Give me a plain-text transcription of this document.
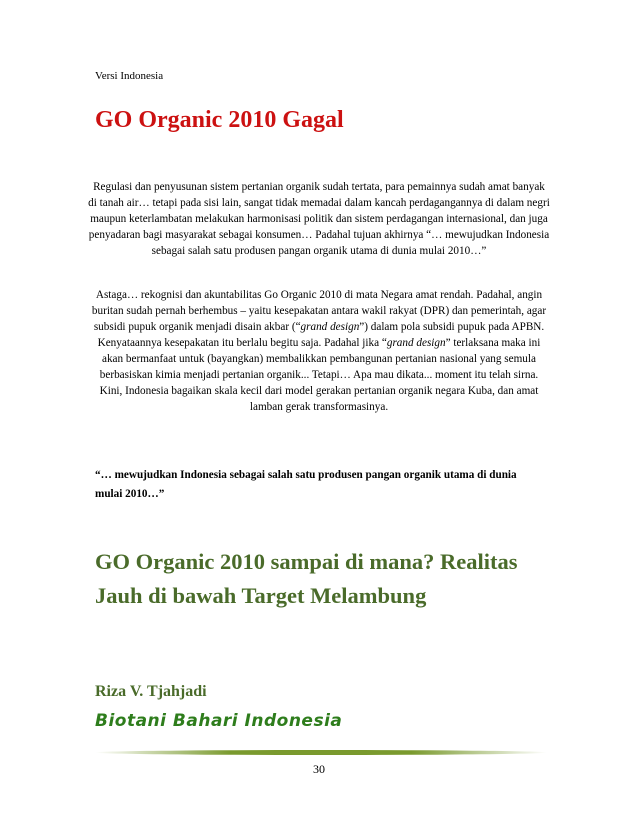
Versi Indonesia
GO Organic 2010 Gagal

Regulasi dan penyusunan sistem pertanian organik sudah tertata, para pemainnya sudah amat banyak di tanah air… tetapi pada sisi lain, sangat tidak memadai dalam kancah perdagangannya di dalam negri maupun keterlambatan melakukan harmonisasi politik dan sistem perdagangan internasional, dan juga penyadaran bagi masyarakat sebagai konsumen… Padahal tujuan akhirnya “… mewujudkan Indonesia sebagai salah satu produsen pangan organik utama di dunia mulai 2010…”

Astaga… rekognisi dan akuntabilitas Go Organic 2010 di mata Negara amat rendah. Padahal, angin buritan sudah pernah berhembus – yaitu kesepakatan antara wakil rakyat (DPR) dan pemerintah, agar subsidi pupuk organik menjadi disain akbar (“grand design”) dalam pola subsidi pupuk pada APBN. Kenyataannya kesepakatan itu berlalu begitu saja. Padahal jika “grand design” terlaksana maka ini akan bermanfaat untuk (bayangkan) membalikkan pembangunan pertanian nasional yang semula berbasiskan kimia menjadi pertanian organik... Tetapi… Apa mau dikata... moment itu telah sirna. Kini, Indonesia bagaikan skala kecil dari model gerakan pertanian organik negara Kuba, dan amat lamban gerak transformasinya.

“… mewujudkan Indonesia sebagai salah satu produsen pangan organik utama di dunia mulai 2010…”

GO Organic 2010 sampai di mana? Realitas Jauh di bawah Target Melambung
Riza V. Tjahjadi
Biotani Bahari Indonesia
30
